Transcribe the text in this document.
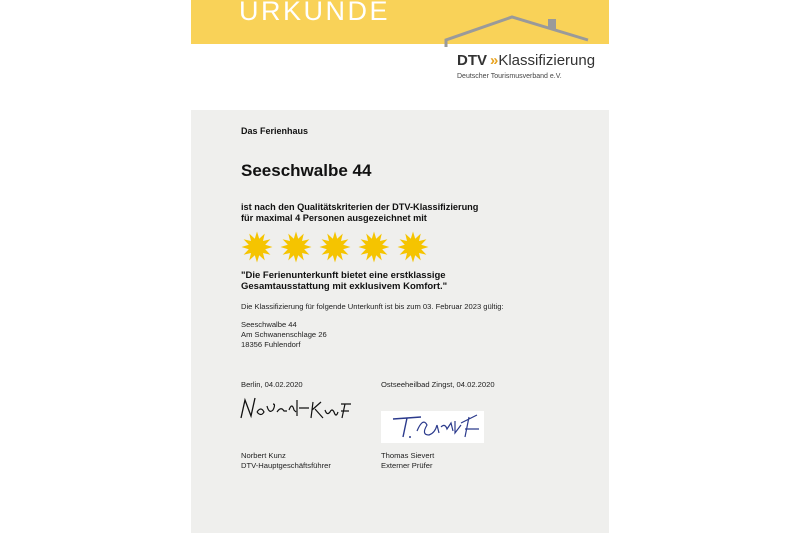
URKUNDE
DTV » Klassifizierung
Deutscher Tourismusverband e.V.
Das Ferienhaus
Seeschwalbe 44
ist nach den Qualitätskriterien der DTV-Klassifizierung
für maximal 4 Personen ausgezeichnet mit
"Die Ferienunterkunft bietet eine erstklassige
Gesamtausstattung mit exklusivem Komfort."
Die Klassifizierung für folgende Unterkunft ist bis zum 03. Februar 2023 gültig:
Seeschwalbe 44
Am Schwanenschlage 26
18356 Fuhlendorf
Berlin, 04.02.2020	Ostseeheilbad Zingst, 04.02.2020
Norbert Kunz
DTV-Hauptgeschäftsführer
Thomas Sievert
Externer Prüfer
